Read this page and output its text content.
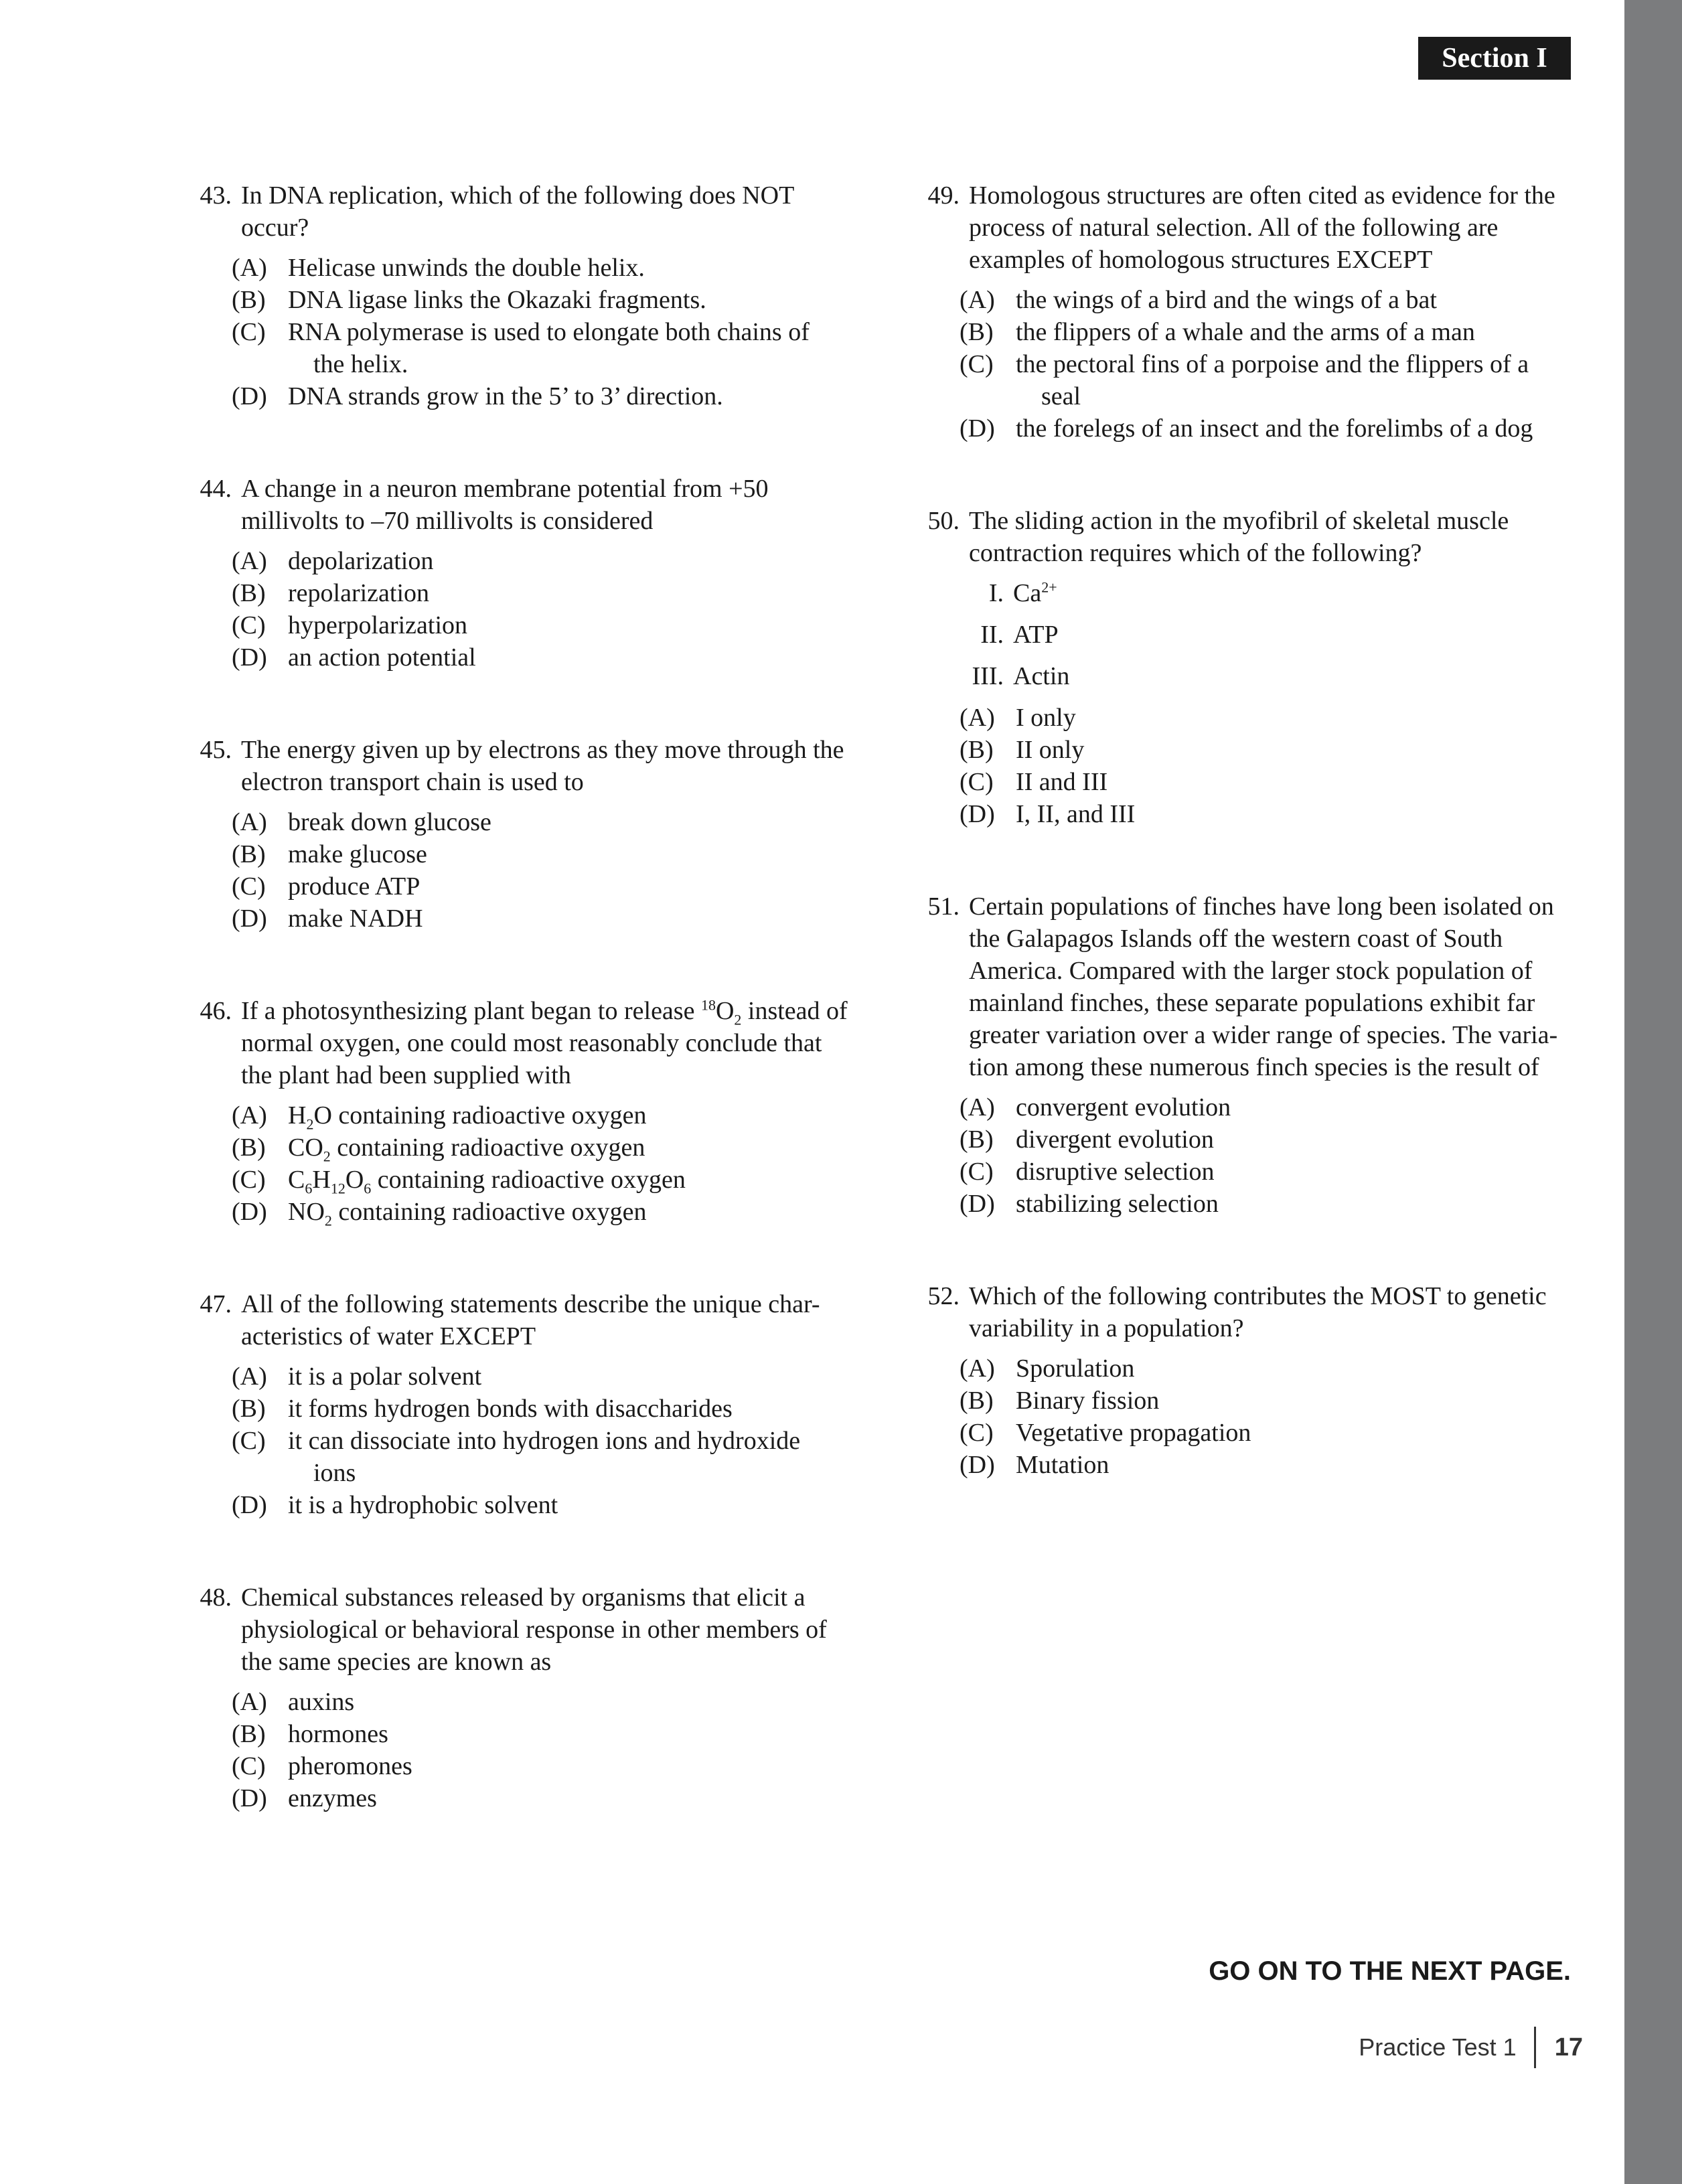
Section I
43. In DNA replication, which of the following does NOT occur?
(A) Helicase unwinds the double helix.
(B) DNA ligase links the Okazaki fragments.
(C) RNA polymerase is used to elongate both chains of
the helix.
(D) DNA strands grow in the 5’ to 3’ direction.
44. A change in a neuron membrane potential from +50 millivolts to –70 millivolts is considered
(A) depolarization
(B) repolarization
(C) hyperpolarization
(D) an action potential
45. The energy given up by electrons as they move through the electron transport chain is used to
(A) break down glucose
(B) make glucose
(C) produce ATP
(D) make NADH
46. If a photosynthesizing plant began to release $^{18}O_2$ instead of normal oxygen, one could most reasonably conclude that the plant had been supplied with
(A) $H_2O$ containing radioactive oxygen
(B) $CO_2$ containing radioactive oxygen
(C) $C_6H_{12}O_6$ containing radioactive oxygen
(D) $NO_2$ containing radioactive oxygen
47. All of the following statements describe the unique char-acteristics of water EXCEPT
(A) it is a polar solvent
(B) it forms hydrogen bonds with disaccharides
(C) it can dissociate into hydrogen ions and hydroxide
ions
(D) it is a hydrophobic solvent
48. Chemical substances released by organisms that elicit a physiological or behavioral response in other members of the same species are known as
(A) auxins
(B) hormones
(C) pheromones
(D) enzymes
49. Homologous structures are often cited as evidence for the process of natural selection. All of the following are examples of homologous structures EXCEPT
(A) the wings of a bird and the wings of a bat
(B) the flippers of a whale and the arms of a man
(C) the pectoral fins of a porpoise and the flippers of a
seal
(D) the forelegs of an insect and the forelimbs of a dog
50. The sliding action in the myofibril of skeletal muscle contraction requires which of the following?
I. $Ca^{2+}$
II. ATP
III. Actin
(A) I only
(B) II only
(C) II and III
(D) I, II, and III
51. Certain populations of finches have long been isolated on the Galapagos Islands off the western coast of South America. Compared with the larger stock population of mainland finches, these separate populations exhibit far greater variation over a wider range of species. The varia-tion among these numerous finch species is the result of
(A) convergent evolution
(B) divergent evolution
(C) disruptive selection
(D) stabilizing selection
52. Which of the following contributes the MOST to genetic variability in a population?
(A) Sporulation
(B) Binary fission
(C) Vegetative propagation
(D) Mutation
GO ON TO THE NEXT PAGE.
Practice Test 1 17
